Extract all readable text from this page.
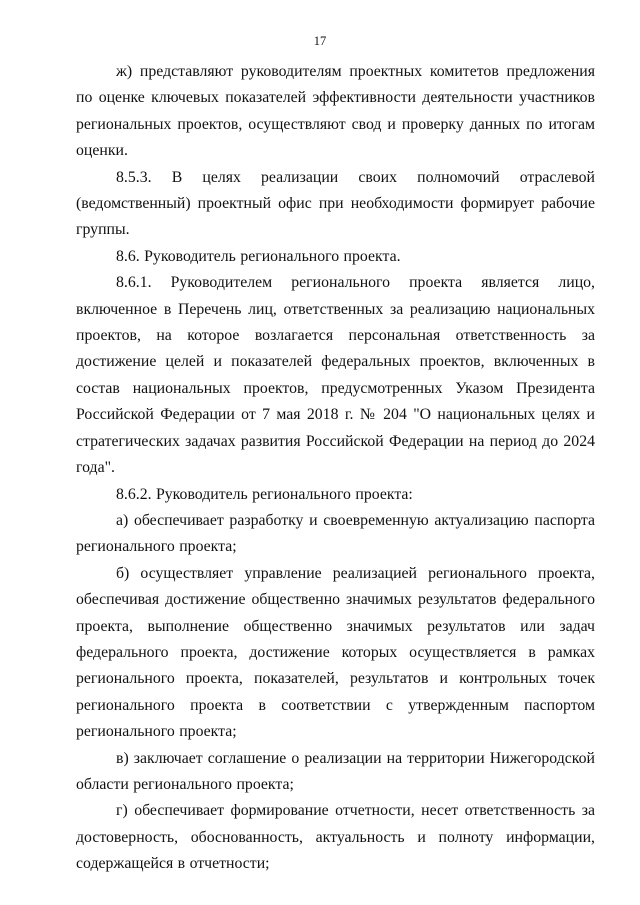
17

ж) представляют руководителям проектных комитетов предложения по оценке ключевых показателей эффективности деятельности участников региональных проектов, осуществляют свод и проверку данных по итогам оценки.

8.5.3. В целях реализации своих полномочий отраслевой (ведомственный) проектный офис при необходимости формирует рабочие группы.

8.6. Руководитель регионального проекта.

8.6.1. Руководителем регионального проекта является лицо, включенное в Перечень лиц, ответственных за реализацию национальных проектов, на которое возлагается персональная ответственность за достижение целей и показателей федеральных проектов, включенных в состав национальных проектов, предусмотренных Указом Президента Российской Федерации от 7 мая 2018 г. № 204 "О национальных целях и стратегических задачах развития Российской Федерации на период до 2024 года".

8.6.2. Руководитель регионального проекта:

а) обеспечивает разработку и своевременную актуализацию паспорта регионального проекта;

б) осуществляет управление реализацией регионального проекта, обеспечивая достижение общественно значимых результатов федерального проекта, выполнение общественно значимых результатов или задач федерального проекта, достижение которых осуществляется в рамках регионального проекта, показателей, результатов и контрольных точек регионального проекта в соответствии с утвержденным паспортом регионального проекта;

в) заключает соглашение о реализации на территории Нижегородской области регионального проекта;

г) обеспечивает формирование отчетности, несет ответственность за достоверность, обоснованность, актуальность и полноту информации, содержащейся в отчетности;
